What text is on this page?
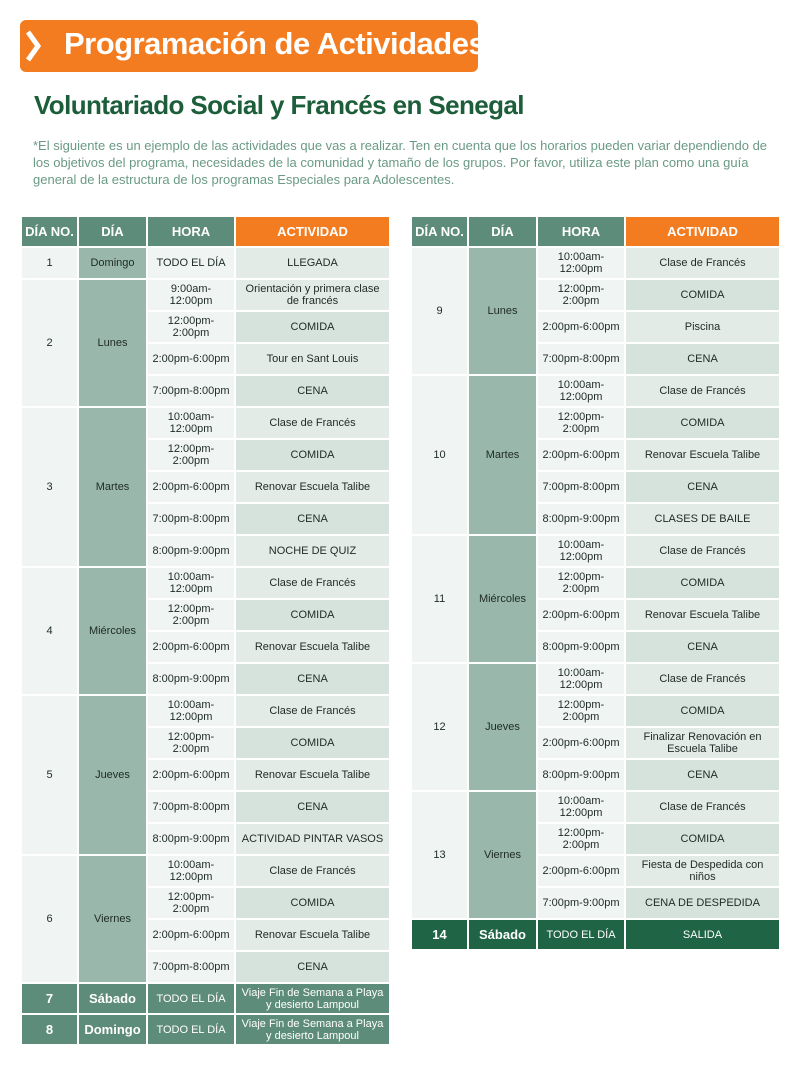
Programación de Actividades
Voluntariado Social y Francés en Senegal

*El siguiente es un ejemplo de las actividades que vas a realizar. Ten en cuenta que los horarios pueden variar dependiendo de los objetivos del programa, necesidades de la comunidad y tamaño de los grupos. Por favor, utiliza este plan como una guía general de la estructura de los programas Especiales para Adolescentes.

DÍA NO.	DÍA	HORA	ACTIVIDAD
1	Domingo	TODO EL DÍA	LLEGADA
2	Lunes	9:00am-12:00pm	Orientación y primera clase de francés
		12:00pm-2:00pm	COMIDA
		2:00pm-6:00pm	Tour en Sant Louis
		7:00pm-8:00pm	CENA
3	Martes	10:00am-12:00pm	Clase de Francés
		12:00pm-2:00pm	COMIDA
		2:00pm-6:00pm	Renovar Escuela Talibe
		7:00pm-8:00pm	CENA
		8:00pm-9:00pm	NOCHE DE QUIZ
4	Miércoles	10:00am-12:00pm	Clase de Francés
		12:00pm-2:00pm	COMIDA
		2:00pm-6:00pm	Renovar Escuela Talibe
		8:00pm-9:00pm	CENA
5	Jueves	10:00am-12:00pm	Clase de Francés
		12:00pm-2:00pm	COMIDA
		2:00pm-6:00pm	Renovar Escuela Talibe
		7:00pm-8:00pm	CENA
		8:00pm-9:00pm	ACTIVIDAD PINTAR VASOS
6	Viernes	10:00am-12:00pm	Clase de Francés
		12:00pm-2:00pm	COMIDA
		2:00pm-6:00pm	Renovar Escuela Talibe
		7:00pm-8:00pm	CENA
7	Sábado	TODO EL DÍA	Viaje Fin de Semana a Playa y desierto Lampoul
8	Domingo	TODO EL DÍA	Viaje Fin de Semana a Playa y desierto Lampoul
DÍA NO.	DÍA	HORA	ACTIVIDAD
9	Lunes	10:00am-12:00pm	Clase de Francés
		12:00pm-2:00pm	COMIDA
		2:00pm-6:00pm	Piscina
		7:00pm-8:00pm	CENA
10	Martes	10:00am-12:00pm	Clase de Francés
		12:00pm-2:00pm	COMIDA
		2:00pm-6:00pm	Renovar Escuela Talibe
		7:00pm-8:00pm	CENA
		8:00pm-9:00pm	CLASES DE BAILE
11	Miércoles	10:00am-12:00pm	Clase de Francés
		12:00pm-2:00pm	COMIDA
		2:00pm-6:00pm	Renovar Escuela Talibe
		8:00pm-9:00pm	CENA
12	Jueves	10:00am-12:00pm	Clase de Francés
		12:00pm-2:00pm	COMIDA
		2:00pm-6:00pm	Finalizar Renovación en Escuela Talibe
		8:00pm-9:00pm	CENA
13	Viernes	10:00am-12:00pm	Clase de Francés
		12:00pm-2:00pm	COMIDA
		2:00pm-6:00pm	Fiesta de Despedida con niños
		7:00pm-9:00pm	CENA DE DESPEDIDA
14	Sábado	TODO EL DÍA	SALIDA
